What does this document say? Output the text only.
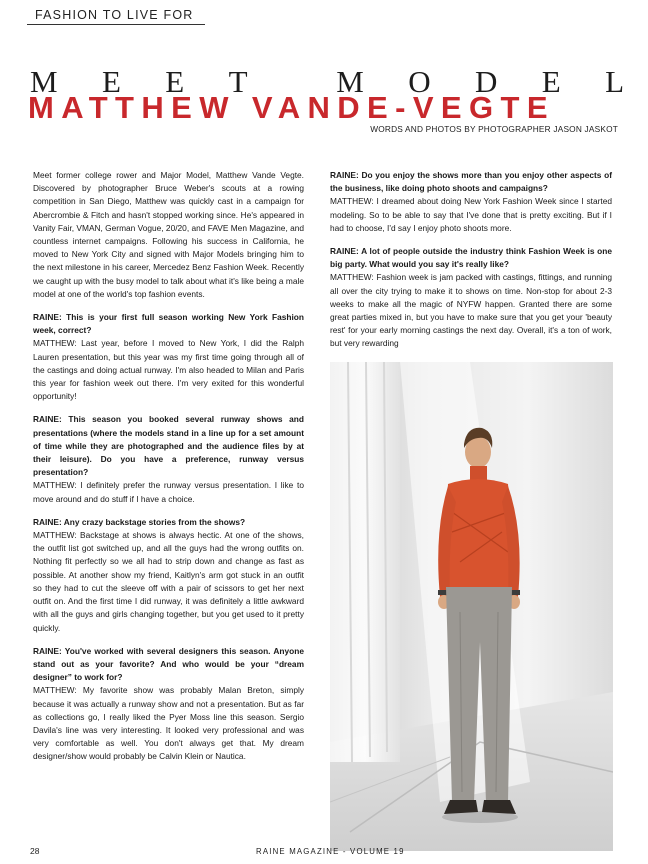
FASHION TO LIVE FOR
M E E T	M O D E L
MATTHEW VANDE-VEGTE
WORDS AND PHOTOS BY PHOTOGRAPHER JASON JASKOT

Meet former college rower and Major Model, Matthew Vande Vegte. Discovered by photographer Bruce Weber's scouts at a rowing competition in San Diego, Matthew was quickly cast in a campaign for Abercrombie & Fitch and hasn't stopped working since. He's appeared in Vanity Fair, VMAN, German Vogue, 20/20, and FAVE Men Magazine, and countless internet campaigns. Following his success in California, he moved to New York City and signed with Major Models bringing him to the next milestone in his career, Mercedez Benz Fashion Week. Recently we caught up with the busy model to talk about what it's like being a male model at one of the world's top fashion events.

RAINE: This is your first full season working New York Fashion week, correct?
MATTHEW: Last year, before I moved to New York, I did the Ralph Lauren presentation, but this year was my first time going through all of the castings and doing actual runway. I'm also headed to Milan and Paris this year for fashion week out there. I'm very exited for this wonderful opportunity!

RAINE: This season you booked several runway shows and presentations (where the models stand in a line up for a set amount of time while they are photographed and the audience files by at their leisure). Do you have a preference, runway versus presentation?
MATTHEW: I definitely prefer the runway versus presentation. I like to move around and do stuff if I have a choice.

RAINE: Any crazy backstage stories from the shows?
MATTHEW: Backstage at shows is always hectic. At one of the shows, the outfit list got switched up, and all the guys had the wrong outfits on. Nothing fit perfectly so we all had to strip down and change as fast as possible. At another show my friend, Kaitlyn's arm got stuck in an outfit so they had to cut the sleeve off with a pair of scissors to get her next outfit on. And the first time I did runway, it was definitely a little awkward with all the guys and girls changing together, but you get used to it pretty quickly.

RAINE: You've worked with several designers this season. Anyone stand out as your favorite? And who would be your “dream designer” to work for?
MATTHEW: My favorite show was probably Malan Breton, simply because it was actually a runway show and not a presentation. But as far as collections go, I really liked the Pyer Moss line this season. Sergio Davila's line was very interesting. It looked very professional and was very comfortable as well. You don't always get that. My dream designer/show would probably be Calvin Klein or Nautica.

RAINE: Do you enjoy the shows more than you enjoy other aspects of the business, like doing photo shoots and campaigns?
MATTHEW: I dreamed about doing New York Fashion Week since I started modeling. So to be able to say that I've done that is pretty exciting. But if I had to choose, I'd say I enjoy photo shoots more.

RAINE: A lot of people outside the industry think Fashion Week is one big party. What would you say it's really like?
MATTHEW: Fashion week is jam packed with castings, fittings, and running all over the city trying to make it to shows on time. Non-stop for about 2-3 weeks to make all the magic of NYFW happen. Granted there are some great parties mixed in, but you have to make sure that you get your 'beauty rest' for your early morning castings the next day. Overall, it's a ton of work, but very rewarding

28	RAINE MAGAZINE - VOLUME 19
